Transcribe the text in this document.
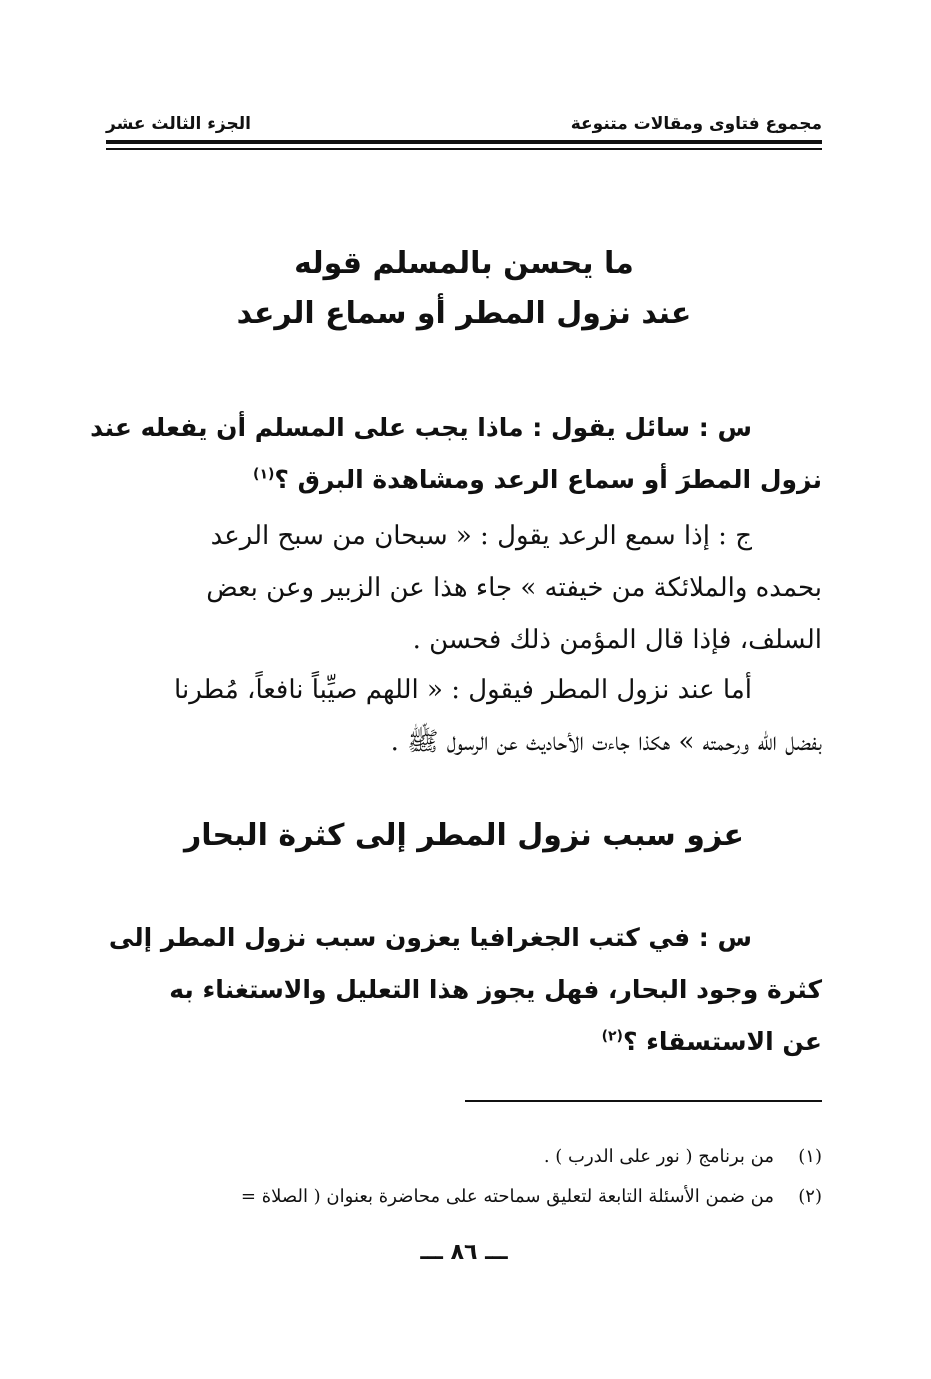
مجموع فتاوى ومقالات متنوعة
الجزء الثالث عشر
ما يحسن بالمسلم قوله
عند نزول المطر أو سماع الرعد
س : سائل يقول : ماذا يجب على المسلم أن يفعله عند
نزول المطرَ أو سماع الرعد ومشاهدة البرق ؟$^{(١)}$
ج : إذا سمع الرعد يقول : « سبحان من سبح الرعد
بحمده والملائكة من خيفته » جاء هذا عن الزبير وعن بعض
السلف، فإذا قال المؤمن ذلك فحسن .
أما عند نزول المطر فيقول : « اللهم صيِّباً نافعاً، مُطرنا
بفضل الله ورحمته » هكذا جاءت الأحاديث عن الرسول ﷺ .
عزو سبب نزول المطر إلى كثرة البحار
س : في كتب الجغرافيا يعزون سبب نزول المطر إلى
كثرة وجود البحار، فهل يجوز هذا التعليل والاستغناء به
عن الاستسقاء ؟$^{(٢)}$
(١)من برنامج ( نور على الدرب ) .
(٢)من ضمن الأسئلة التابعة لتعليق سماحته على محاضرة بعنوان ( الصلاة =
ـــ ٨٦ ـــ
